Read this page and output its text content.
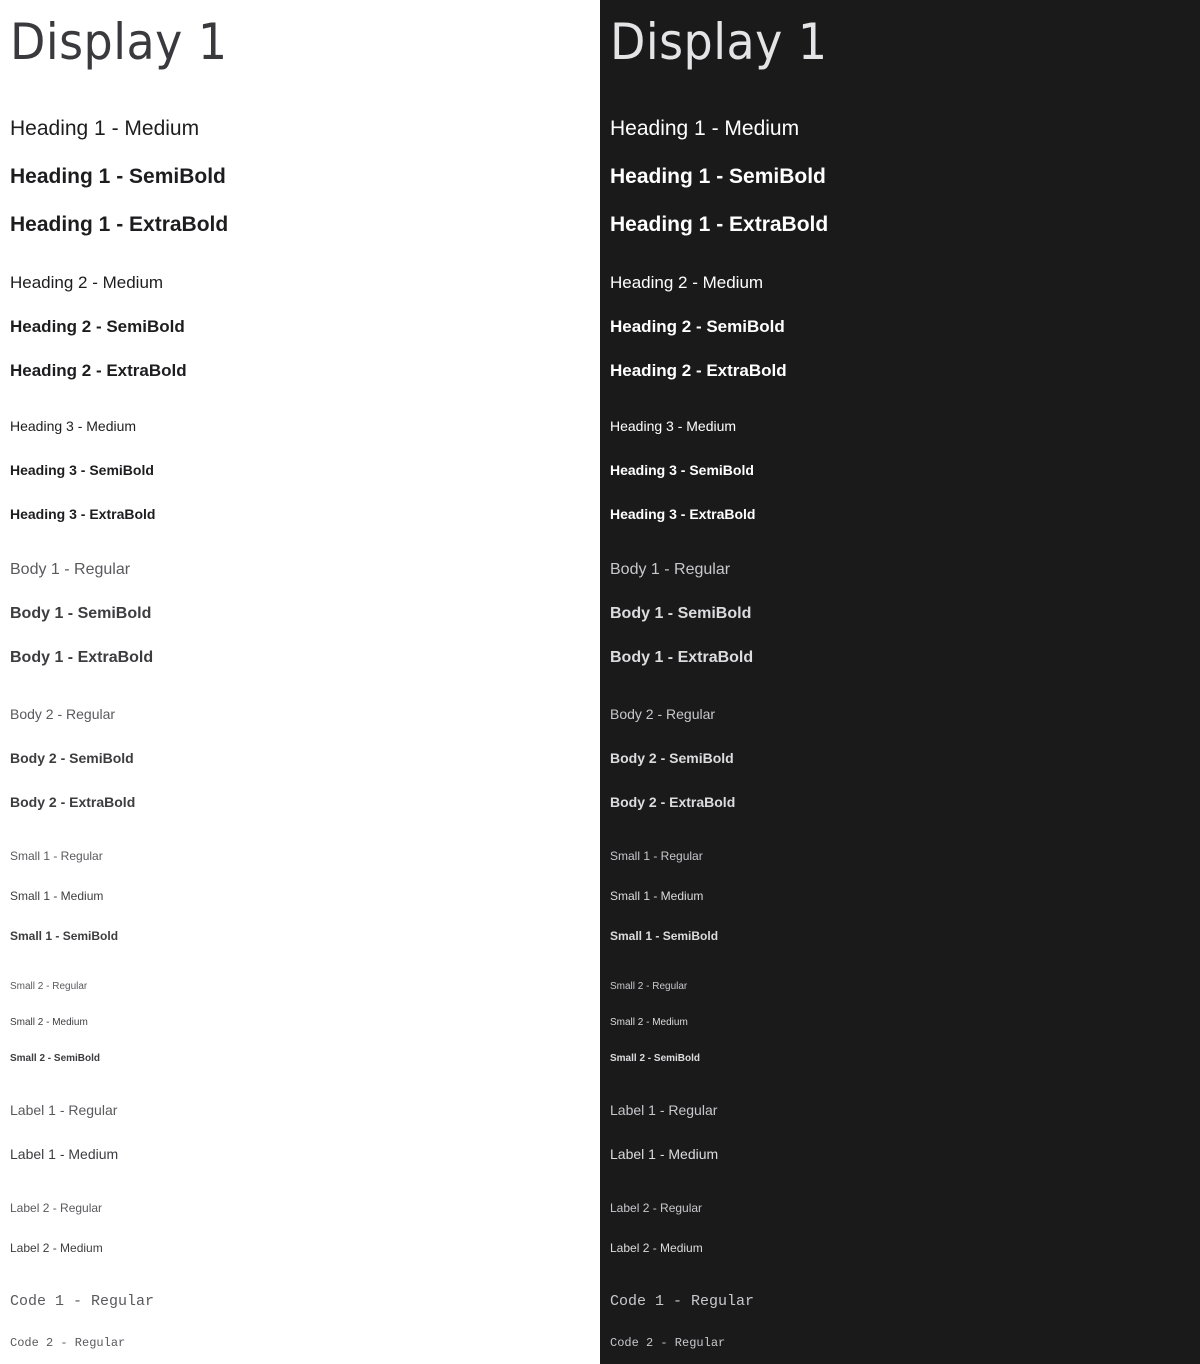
Display 1
Heading 1 - Medium
Heading 1 - SemiBold
Heading 1 - ExtraBold
Heading 2 - Medium
Heading 2 - SemiBold
Heading 2 - ExtraBold
Heading 3 - Medium
Heading 3 - SemiBold
Heading 3 - ExtraBold
Body 1 - Regular
Body 1 - SemiBold
Body 1 - ExtraBold
Body 2 - Regular
Body 2 - SemiBold
Body 2 - ExtraBold
Small 1 - Regular
Small 1 - Medium
Small 1 - SemiBold
Small 2 - Regular
Small 2 - Medium
Small 2 - SemiBold
Label 1 - Regular
Label 1 - Medium
Label 2 - Regular
Label 2 - Medium
Code 1 - Regular
Code 2 - Regular
Display 1
Heading 1 - Medium
Heading 1 - SemiBold
Heading 1 - ExtraBold
Heading 2 - Medium
Heading 2 - SemiBold
Heading 2 - ExtraBold
Heading 3 - Medium
Heading 3 - SemiBold
Heading 3 - ExtraBold
Body 1 - Regular
Body 1 - SemiBold
Body 1 - ExtraBold
Body 2 - Regular
Body 2 - SemiBold
Body 2 - ExtraBold
Small 1 - Regular
Small 1 - Medium
Small 1 - SemiBold
Small 2 - Regular
Small 2 - Medium
Small 2 - SemiBold
Label 1 - Regular
Label 1 - Medium
Label 2 - Regular
Label 2 - Medium
Code 1 - Regular
Code 2 - Regular
